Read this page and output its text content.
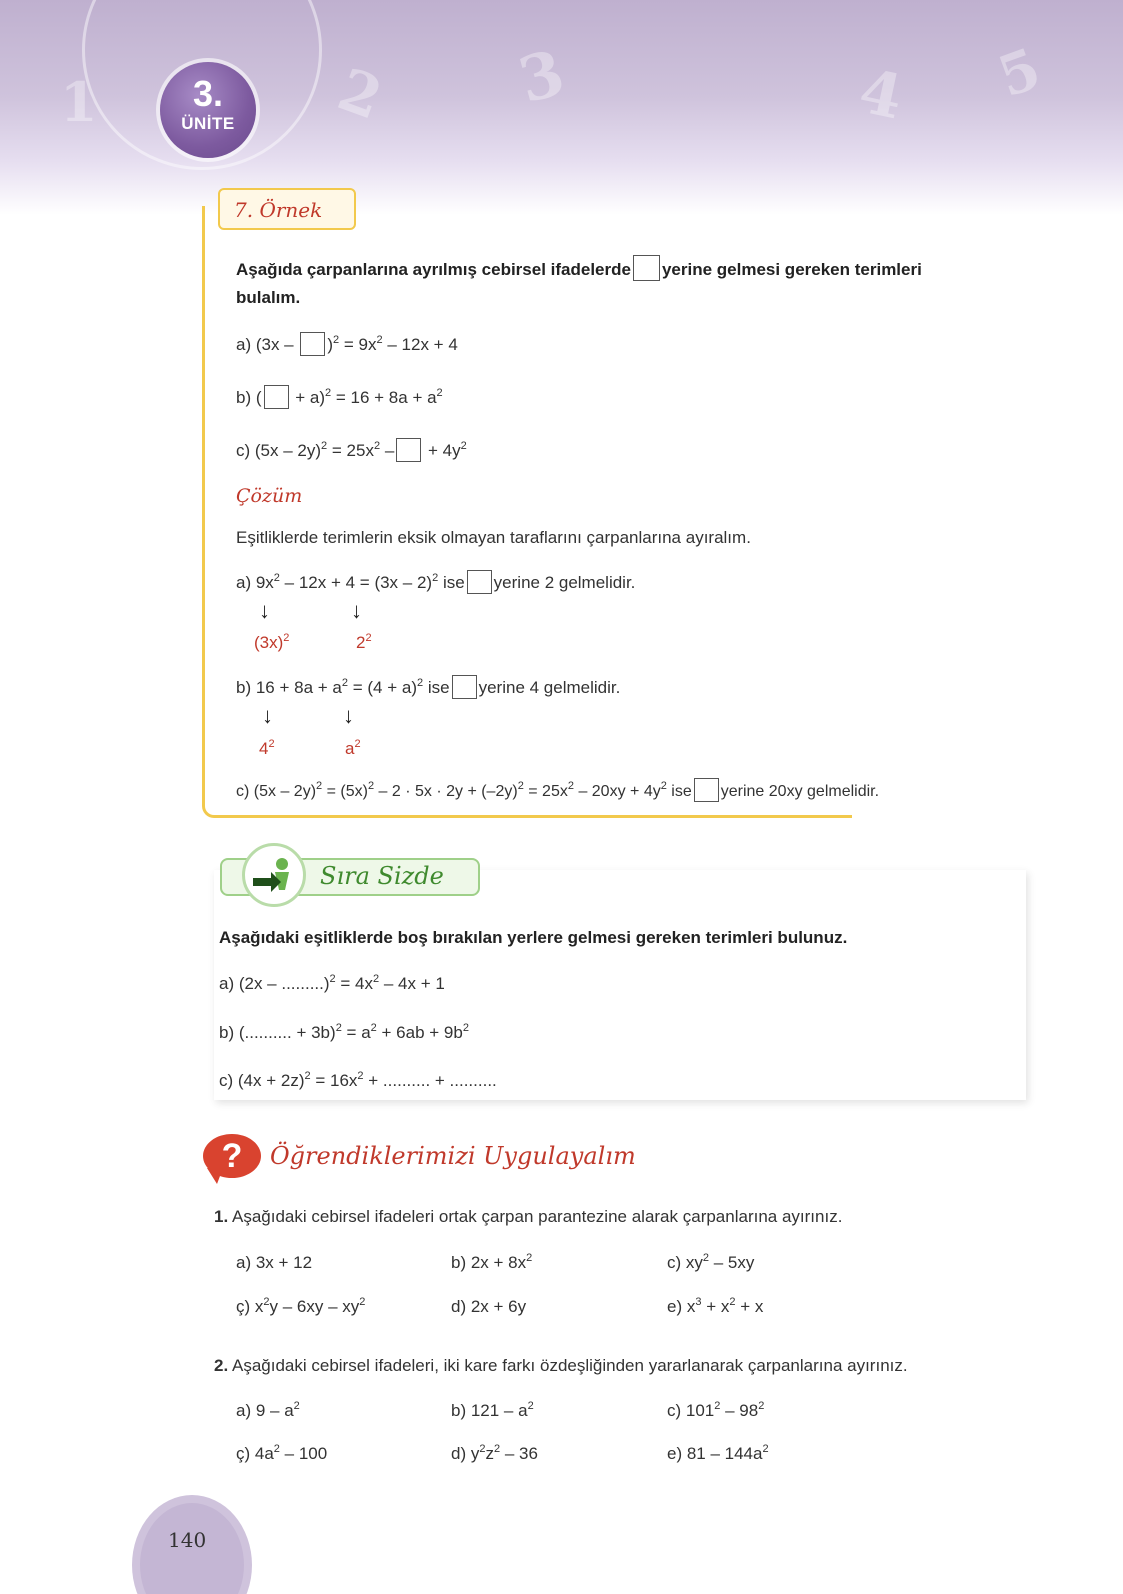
1	2 3	4 5
3.
ÜNİTE
7. Örnek
Aşağıda çarpanlarına ayrılmış cebirsel ifadelerde yerine gelmesi gereken terimleri
bulalım.
a) $(3x - )^2 = 9x^2 - 12x + 4$
b) ( + $a)^2 = 16 + 8a + a^2$
c) $(5x - 2y)^2 = 25x^2$ – + $4y^2$
Çözüm
Eşitliklerde terimlerin eksik olmayan taraflarını çarpanlarına ayıralım.
a) $9x^2 - 12x + 4 = (3x - 2)^2$ ise yerine 2 gelmelidir.
↓	↓
$(3x)^2$	$2^2$
b) $16 + 8a + a^2 = (4 + a)^2$ ise yerine 4 gelmelidir.
↓	↓
$4^2$	$a^2$
c) $(5x - 2y)^2 = (5x)^2 - 2 \cdot 5x \cdot 2y + (-2y)^2 = 25x^2 - 20xy + 4y^2$ ise yerine 20xy gelmelidir.
Sıra Sizde
Aşağıdaki eşitliklerde boş bırakılan yerlere gelmesi gereken terimleri bulunuz.
a) $(2x - .........)^2 = 4x^2 - 4x + 1$
b) (.......... + $3b)^2 = a^2 + 6ab + 9b^2$
c) $(4x + 2z)^2 = 16x^2$ + .......... + ..........
?	Öğrendiklerimizi Uygulayalım
1. Aşağıdaki cebirsel ifadeleri ortak çarpan parantezine alarak çarpanlarına ayırınız.
a) 3x + 12	b) $2x + 8x^2$	c) $xy^2 - 5xy$
ç) $x^2y - 6xy - xy^2$	d) 2x + 6y	e) $x^3 + x^2 + x$
2. Aşağıdaki cebirsel ifadeleri, iki kare farkı özdeşliğinden yararlanarak çarpanlarına ayırınız.
a) $9 - a^2$	b) $121 - a^2$	c) $101^2 - 98^2$
ç) $4a^2 - 100$	d) $y^2z^2 - 36$	e) $81 - 144a^2$
140
